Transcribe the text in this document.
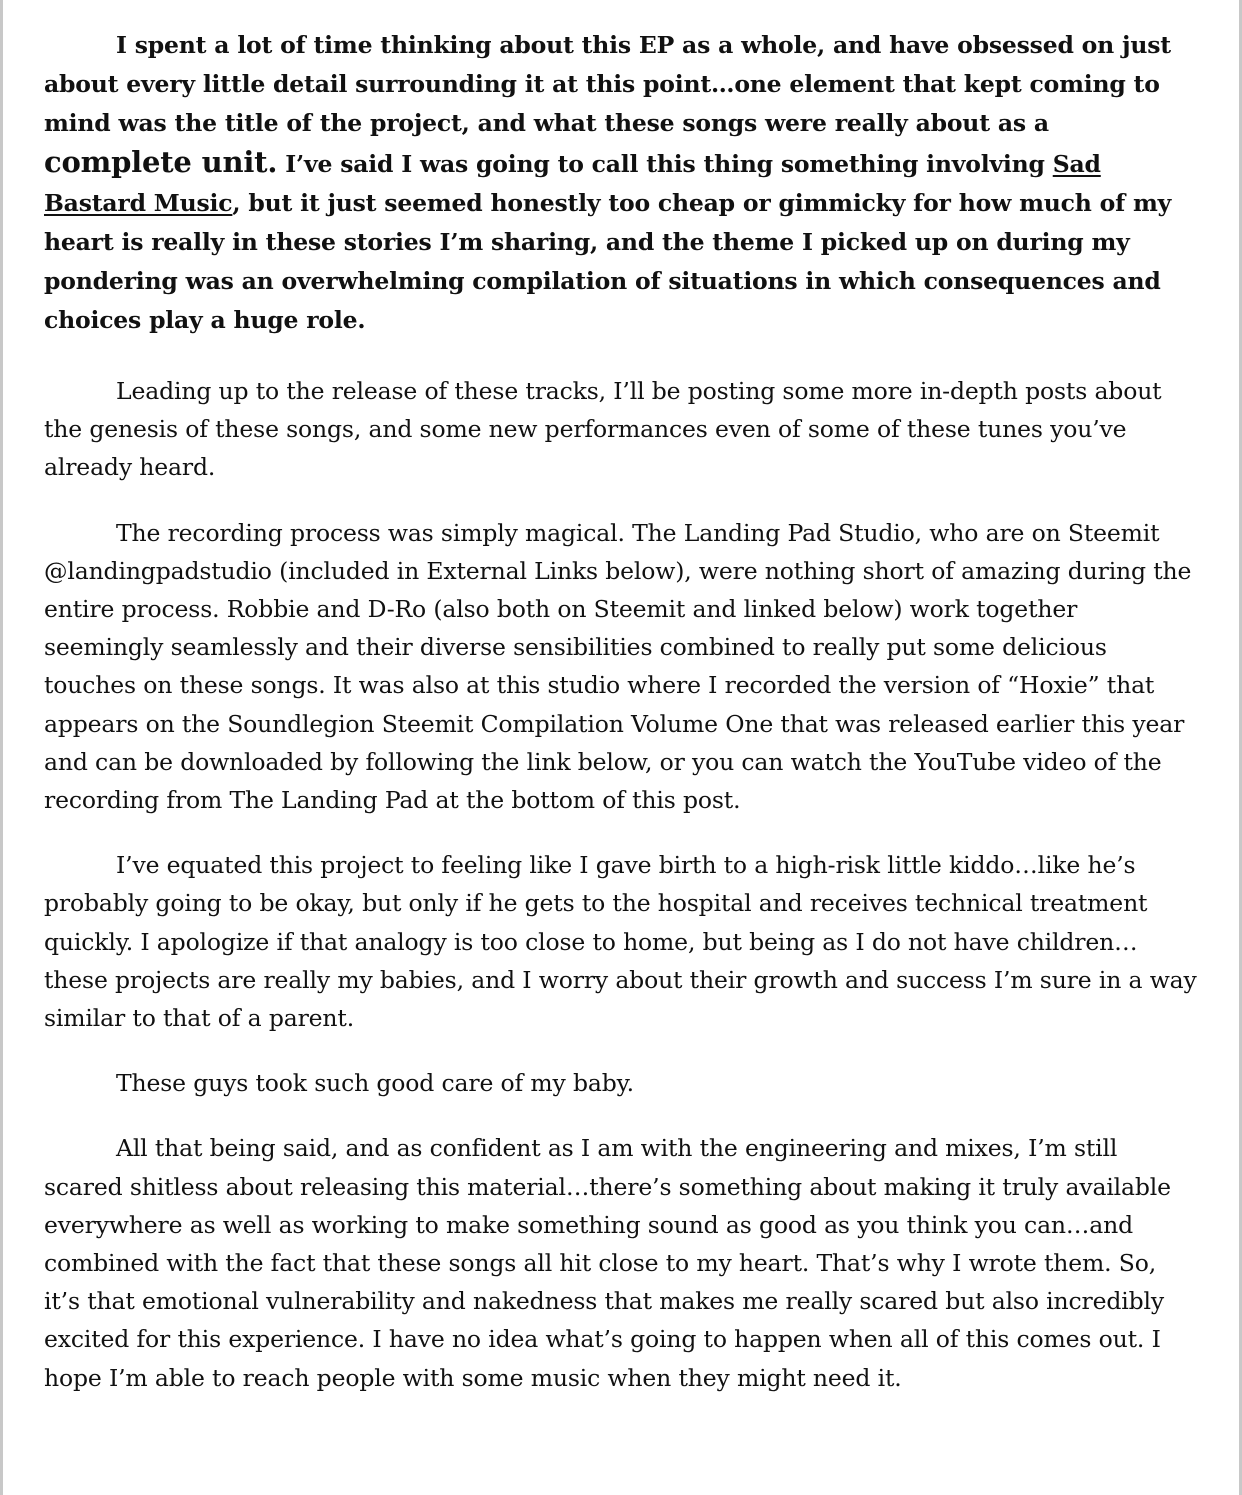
I spent a lot of time thinking about this EP as a whole, and have obsessed on just about every little detail surrounding it at this point…one element that kept coming to mind was the title of the project, and what these songs were really about as a complete unit. I’ve said I was going to call this thing something involving Sad Bastard Music, but it just seemed honestly too cheap or gimmicky for how much of my heart is really in these stories I’m sharing, and the theme I picked up on during my pondering was an overwhelming compilation of situations in which consequences and choices play a huge role.

Leading up to the release of these tracks, I’ll be posting some more in-depth posts about the genesis of these songs, and some new performances even of some of these tunes you’ve already heard.

The recording process was simply magical. The Landing Pad Studio, who are on Steemit @landingpadstudio (included in External Links below), were nothing short of amazing during the entire process. Robbie and D-Ro (also both on Steemit and linked below) work together seemingly seamlessly and their diverse sensibilities combined to really put some delicious touches on these songs. It was also at this studio where I recorded the version of “Hoxie” that appears on the Soundlegion Steemit Compilation Volume One that was released earlier this year and can be downloaded by following the link below, or you can watch the YouTube video of the recording from The Landing Pad at the bottom of this post.

I’ve equated this project to feeling like I gave birth to a high-risk little kiddo…like he’s probably going to be okay, but only if he gets to the hospital and receives technical treatment quickly. I apologize if that analogy is too close to home, but being as I do not have children…these projects are really my babies, and I worry about their growth and success I’m sure in a way similar to that of a parent.

These guys took such good care of my baby.

All that being said, and as confident as I am with the engineering and mixes, I’m still scared shitless about releasing this material…there’s something about making it truly available everywhere as well as working to make something sound as good as you think you can…and combined with the fact that these songs all hit close to my heart. That’s why I wrote them. So, it’s that emotional vulnerability and nakedness that makes me really scared but also incredibly excited for this experience. I have no idea what’s going to happen when all of this comes out. I hope I’m able to reach people with some music when they might need it.
